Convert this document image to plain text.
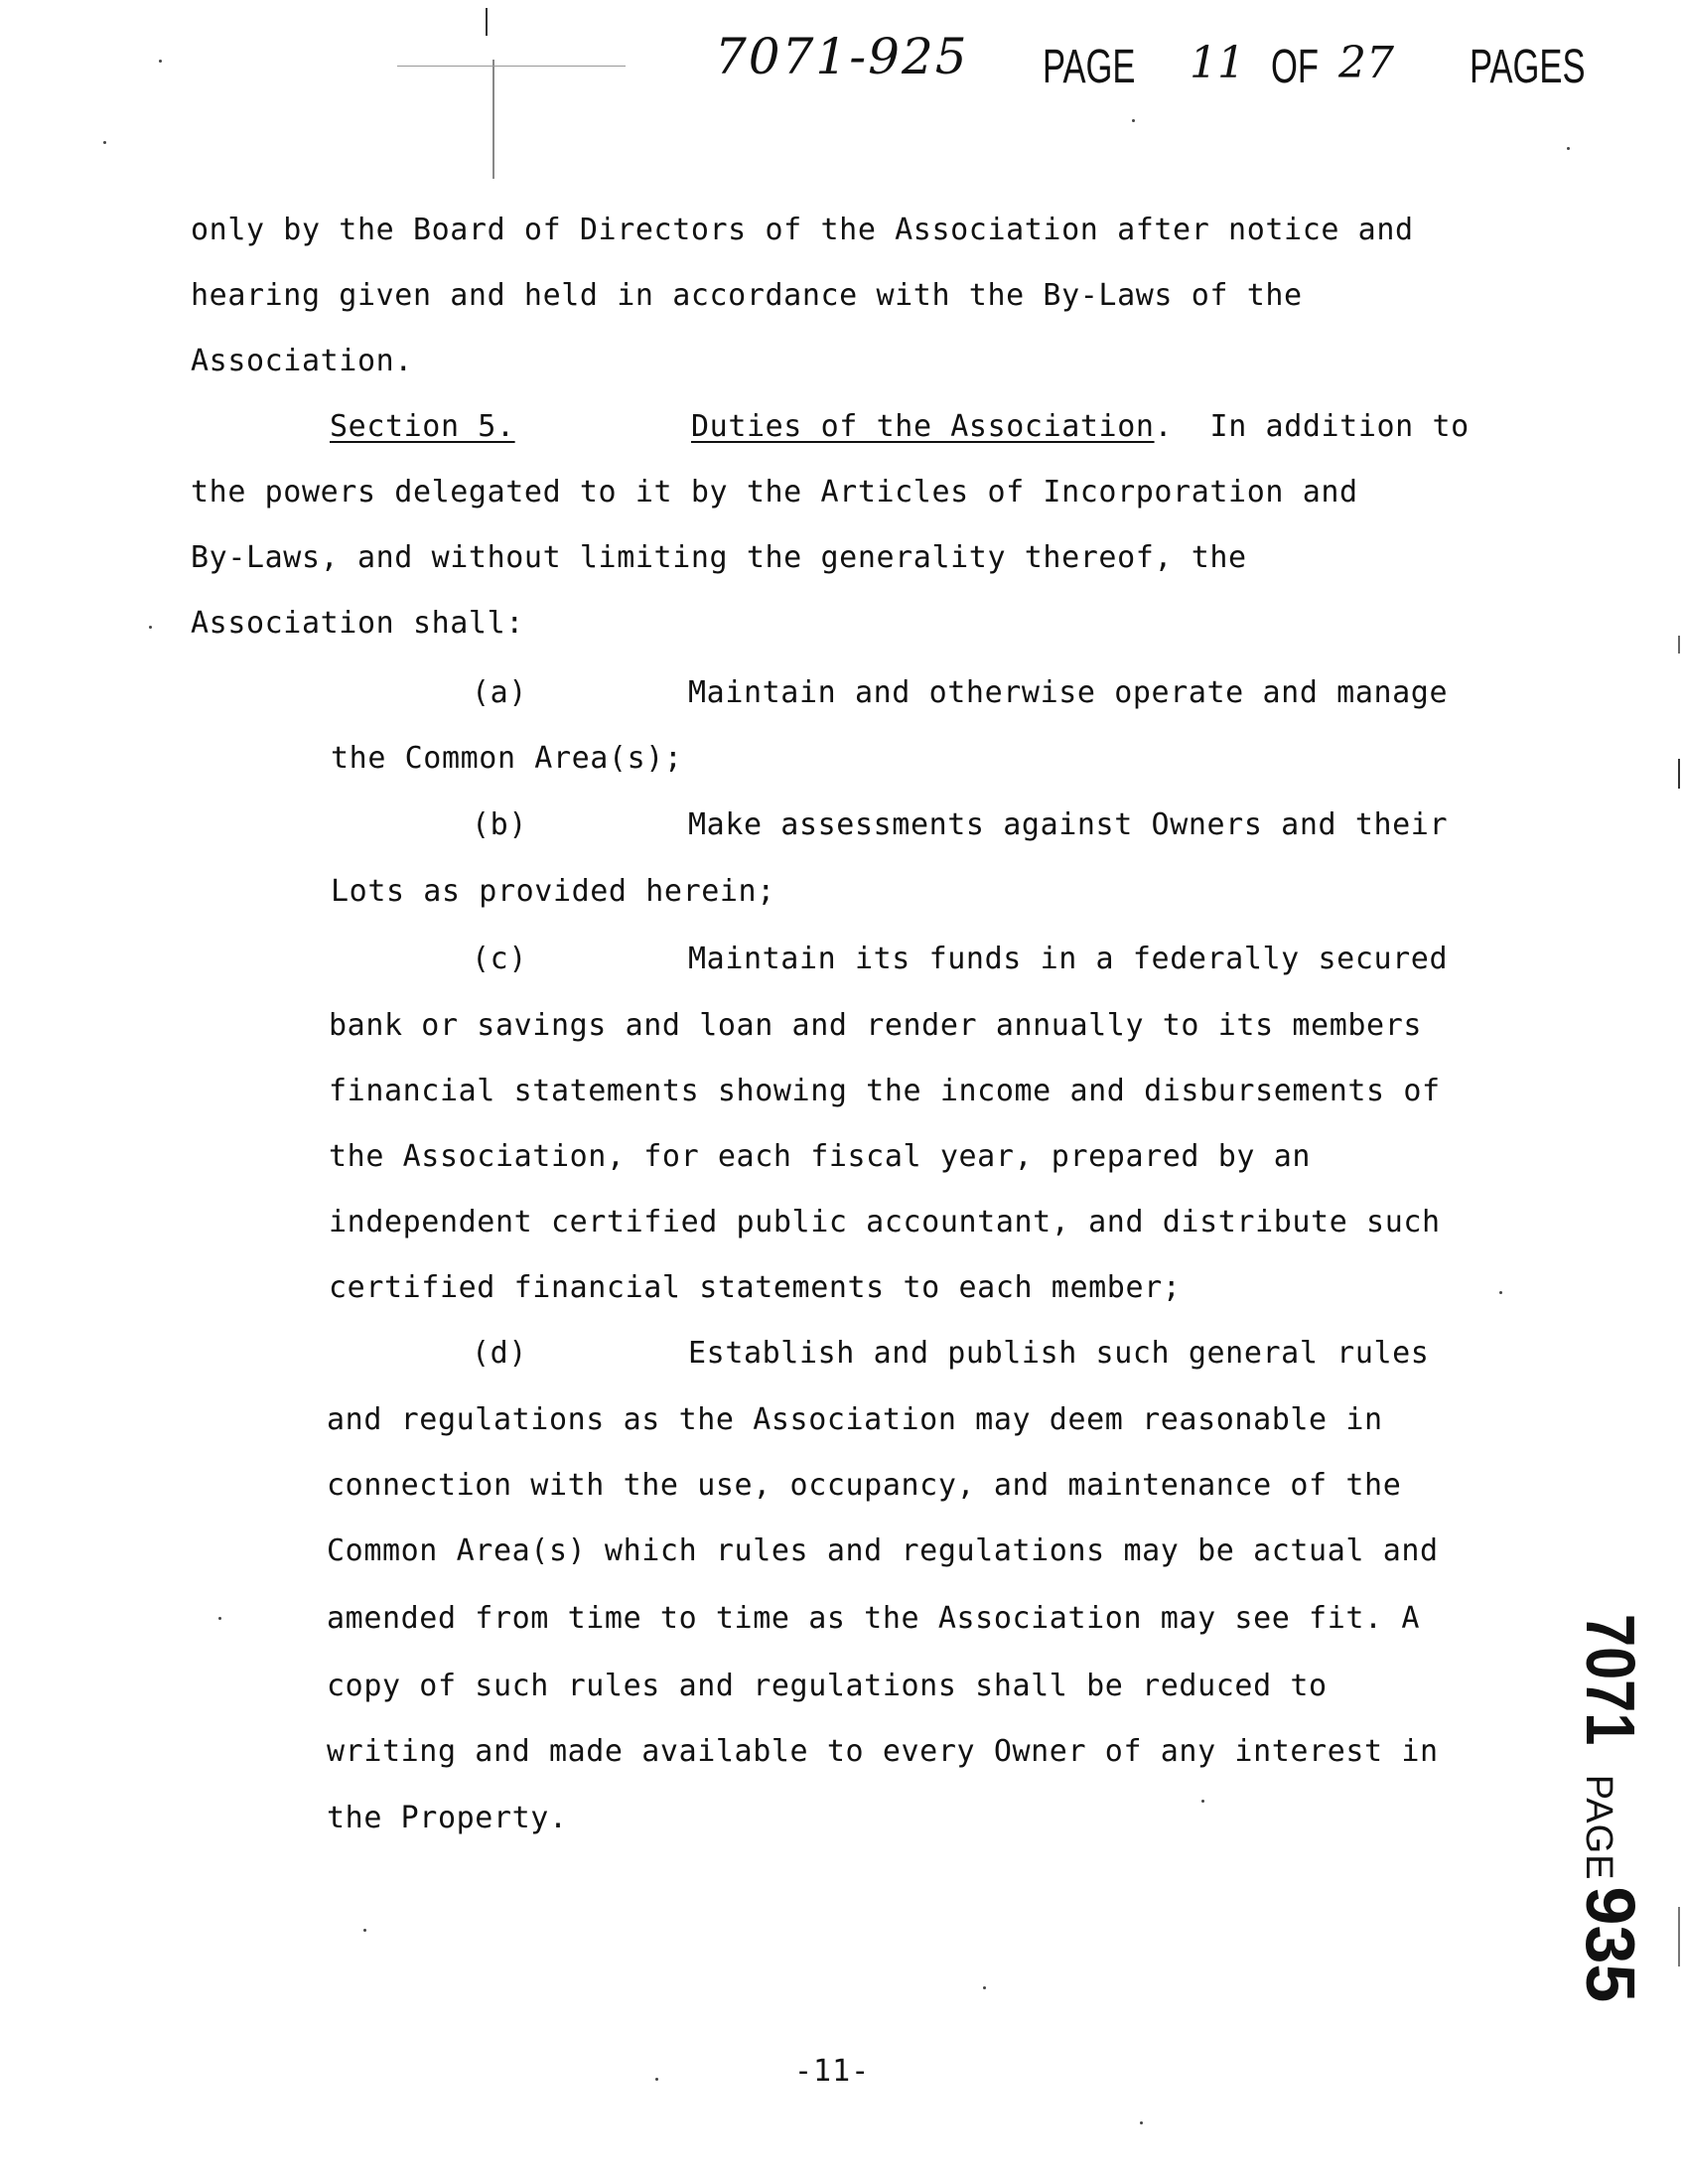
7071-925 PAGE 11 OF 27 PAGES
only by the Board of Directors of the Association after notice and
hearing given and held in accordance with the By-Laws of the
Association.
Section 5.	Duties of the Association. In addition to
the powers delegated to it by the Articles of Incorporation and
By-Laws, and without limiting the generality thereof, the
Association shall:
(a)	Maintain and otherwise operate and manage
the Common Area(s);
(b)	Make assessments against Owners and their
Lots as provided herein;
(c)	Maintain its funds in a federally secured
bank or savings and loan and render annually to its members
financial statements showing the income and disbursements of
the Association, for each fiscal year, prepared by an
independent certified public accountant, and distribute such
certified financial statements to each member;
(d)	Establish and publish such general rules
and regulations as the Association may deem reasonable in
connection with the use, occupancy, and maintenance of the
Common Area(s) which rules and regulations may be actual and
amended from time to time as the Association may see fit. A
copy of such rules and regulations shall be reduced to
writing and made available to every Owner of any interest in
the Property.
-11-
7071
PAGE
935
